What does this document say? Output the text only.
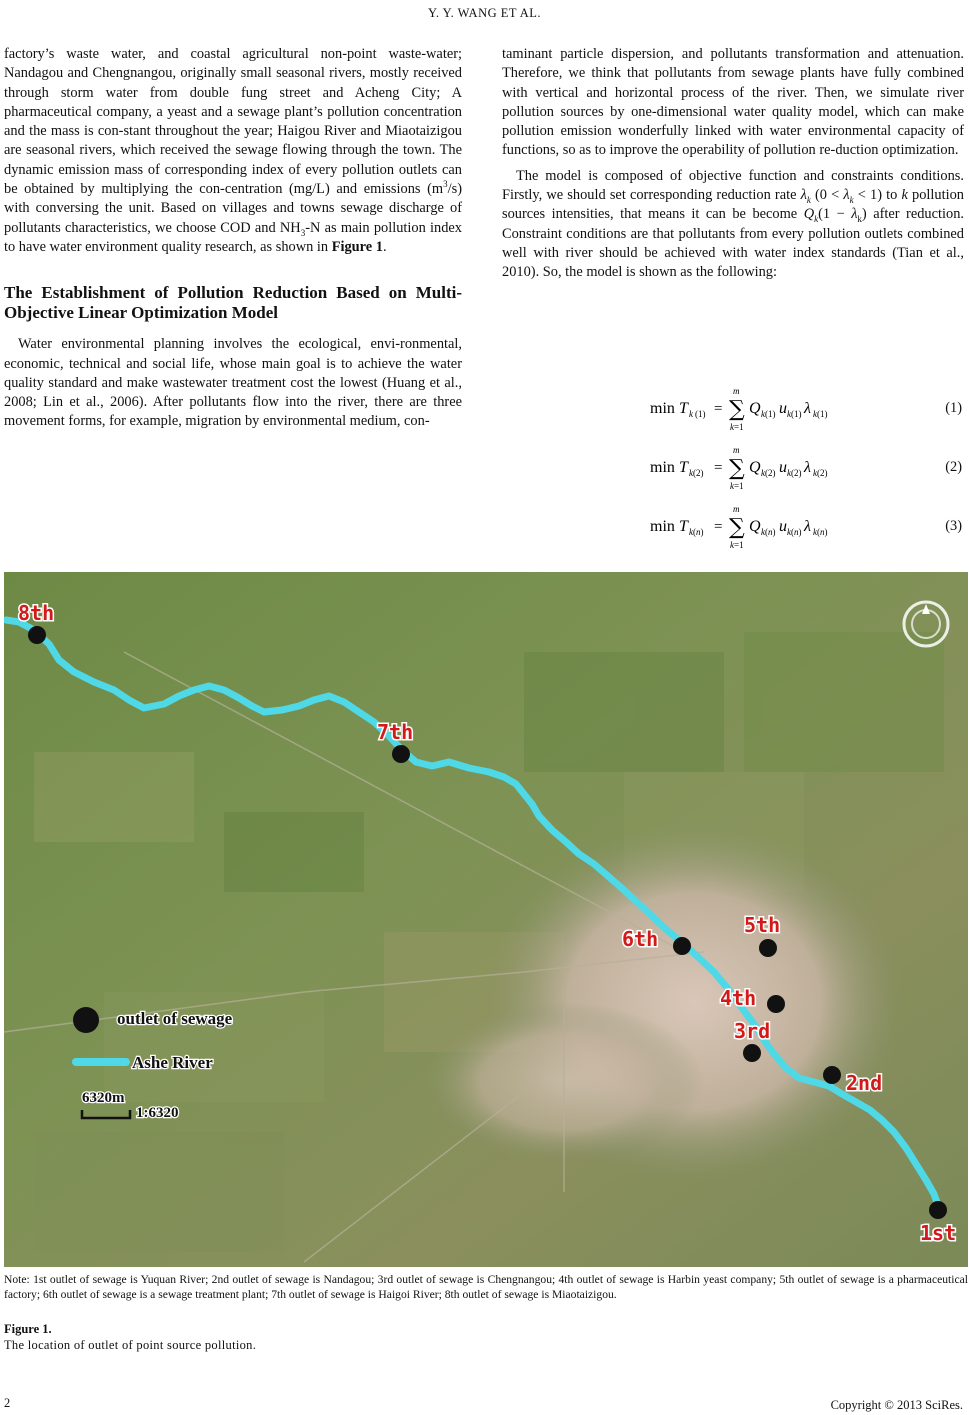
Y. Y. WANG ET AL.

factory’s waste water, and coastal agricultural non-point waste-water; Nandagou and Chengnangou, originally small seasonal rivers, mostly received through storm water from double fung street and Acheng City; A pharmaceutical company, a yeast and a sewage plant’s pollution concentration and the mass is con-stant throughout the year; Haigou River and Miaotaizigou are seasonal rivers, which received the sewage flowing through the town. The dynamic emission mass of corresponding index of every pollution outlets can be obtained by multiplying the con-centration (mg/L) and emissions $(m^3/s)$ with conversing the unit. Based on villages and towns sewage discharge of pollutants characteristics, we choose COD and $NH_3-N$ as main pollution index to have water environment quality research, as shown in Figure 1.

The Establishment of Pollution Reduction Based on Multi-Objective Linear Optimization Model

Water environmental planning involves the ecological, envi-ronmental, economic, technical and social life, whose main goal is to achieve the water quality standard and make wastewater treatment cost the lowest (Huang et al., 2008; Lin et al., 2006). After pollutants flow into the river, there are three movement forms, for example, migration by environmental medium, con-

taminant particle dispersion, and pollutants transformation and attenuation. Therefore, we think that pollutants from sewage plants have fully combined with vertical and horizontal process of the river. Then, we simulate river pollution sources by one-dimensional water quality model, which can make pollution emission wonderfully linked with water environmental capacity of functions, so as to improve the operability of pollution re-duction optimization.

The model is composed of objective function and constraints conditions. Firstly, we should set corresponding reduction rate $\lambda_k$ $(0 < \lambda_k < 1)$ to k pollution sources intensities, that means it can be become $Q_k(1 - \lambda_k)$ after reduction. Constraint conditions are that pollutants from every pollution outlets combined well with river should be achieved with water index standards (Tian et al., 2010). So, the model is shown as the following:

min T k (1) =
m
∑
k=1
Q k(1) u k(1) λ k(1)	(1)
min T k(2) =
m
∑
k=1
Q k(2) u k(2) λ k(2)	(2)
min T k(n) =
m
∑
k=1
Q k(n) u k(n) λ k(n)	(3)
1st
2nd
3rd
4th
5th
6th
7th
8th
outlet of sewage
Ashe River
6320m
1:6320
Note: 1st outlet of sewage is Yuquan River; 2nd outlet of sewage is Nandagou; 3rd outlet of sewage is Chengnangou; 4th outlet of sewage is Harbin yeast company; 5th outlet of sewage is a pharmaceutical factory; 6th outlet of sewage is a sewage treatment plant; 7th outlet of sewage is Haigoi River; 8th outlet of sewage is Miaotaizigou.
Figure 1.
The location of outlet of point source pollution.
2	Copyright © 2013 SciRes.
